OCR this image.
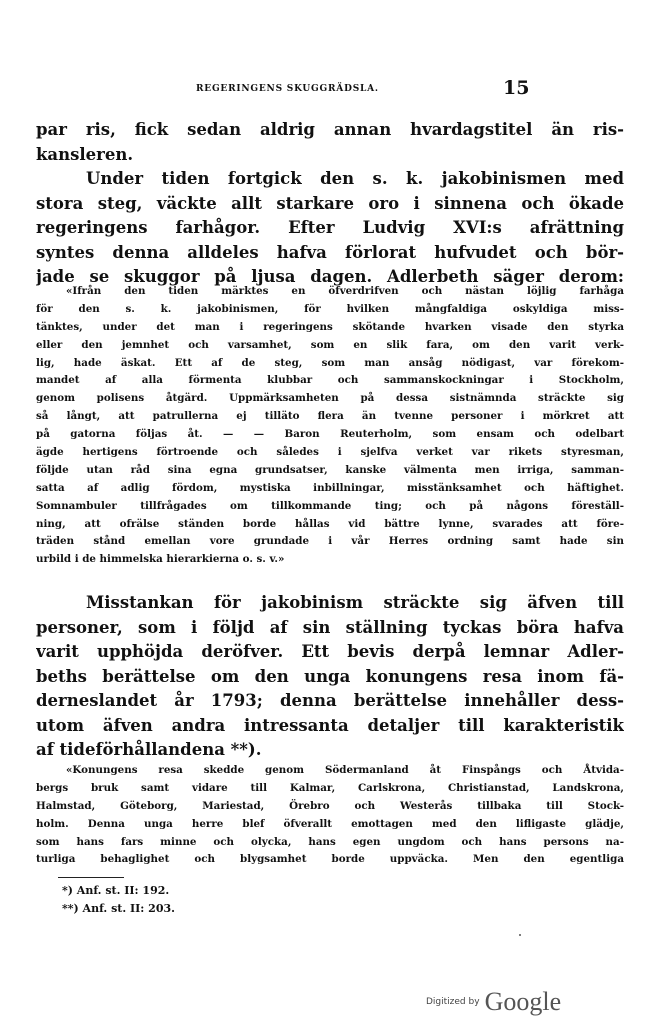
REGERINGENS SKUGGRÄDSLA.	15
par ris, fick sedan aldrig annan hvardagstitel än ris-
kansleren.
Under tiden fortgick den s. k. jakobinismen med
stora steg, väckte allt starkare oro i sinnena och ökade
regeringens farhågor. Efter Ludvig XVI:s afrättning
syntes denna alldeles hafva förlorat hufvudet och bör-
jade se skuggor på ljusa dagen. Adlerbeth säger derom:
«Ifrån den tiden märktes en öfverdrifven och nästan löjlig farhåga
för den s. k. jakobinismen, för hvilken mångfaldiga oskyldiga miss-
tänktes, under det man i regeringens skötande hvarken visade den styrka
eller den jemnhet och varsamhet, som en slik fara, om den varit verk-
lig, hade äskat. Ett af de steg, som man ansåg nödigast, var förekom-
mandet af alla förmenta klubbar och sammanskockningar i Stockholm,
genom polisens åtgärd. Uppmärksamheten på dessa sistnämnda sträckte sig
så långt, att patrullerna ej tilläto flera än tvenne personer i mörkret att
på gatorna följas åt. — — Baron Reuterholm, som ensam och odelbart
ägde hertigens förtroende och således i sjelfva verket var rikets styresman,
följde utan råd sina egna grundsatser, kanske välmenta men irriga, samman-
satta af adlig fördom, mystiska inbillningar, misstänksamhet och häftighet.
Somnambuler tillfrågades om tillkommande ting; och på någons föreställ-
ning, att ofrälse ständen borde hållas vid bättre lynne, svarades att före-
träden stånd emellan vore grundade i vår Herres ordning samt hade sin
urbild i de himmelska hierarkierna o. s. v.»
Misstankan för jakobinism sträckte sig äfven till
personer, som i följd af sin ställning tyckas böra hafva
varit upphöjda deröfver. Ett bevis derpå lemnar Adler-
beths berättelse om den unga konungens resa inom fä-
derneslandet år 1793; denna berättelse innehåller dess-
utom äfven andra intressanta detaljer till karakteristik
af tideförhållandena **).
«Konungens resa skedde genom Södermanland åt Finspångs och Åtvida-
bergs bruk samt vidare till Kalmar, Carlskrona, Christianstad, Landskrona,
Halmstad, Göteborg, Mariestad, Örebro och Westerås tillbaka till Stock-
holm. Denna unga herre blef öfverallt emottagen med den lifligaste glädje,
som hans fars minne och olycka, hans egen ungdom och hans persons na-
turliga behaglighet och blygsamhet borde uppväcka. Men den egentliga
*) Anf. st. II: 192.
**) Anf. st. II: 203.
Digitized by Google
